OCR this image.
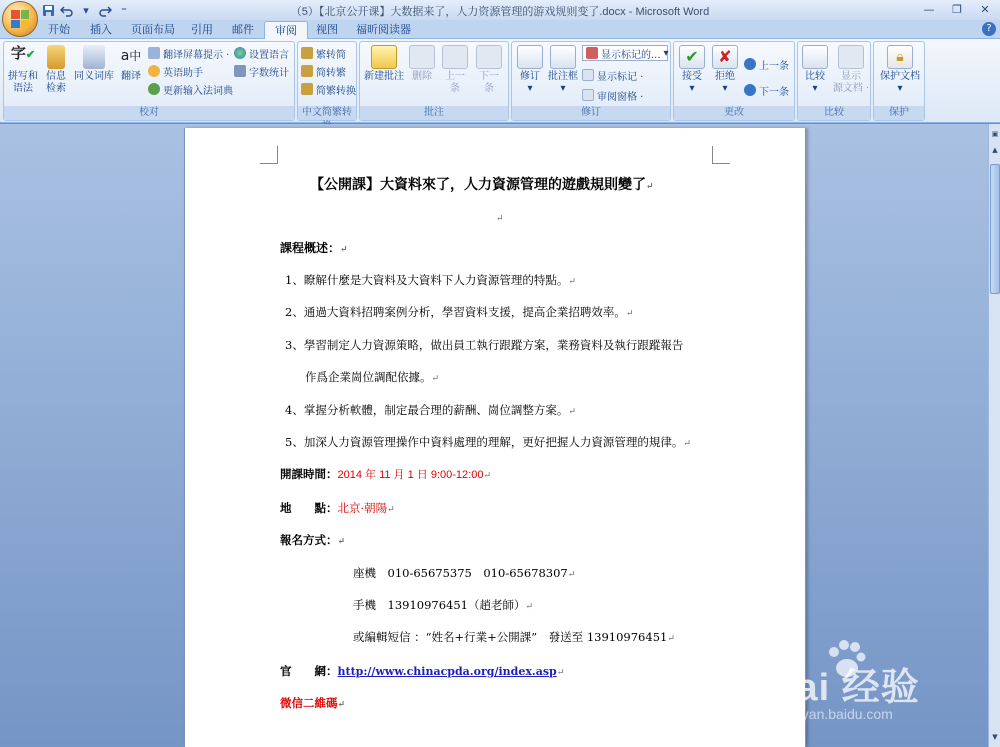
（5）【北京公开课】大数据来了，人力资源管理的游戏规则变了.docx - Microsoft Word
▾	⁼	—	❐	✕
开始	插入	页面布局	引用	邮件	审阅	视图	福昕阅读器	?
字✔
拼写和
语法
信息
检索
同义词库
a中
翻译
翻译屏幕提示 · 设置语言
英语助手	字数统计
更新输入法词典
校对
繁转简
简转繁
简繁转换
中文简繁转
新建批注 删除	上一
条
下一
条
批注
修订
▾
批注框
▾
显示标记的... ▾
显示标记 ·
审阅窗格 ·
修订
✔
接受
▾
✘
拒绝
▾
上一条
下一条
更改
比较
▾
显示
源文档 ·
比较
🔒︎
保护文档
▾
保护
【公開課】大資料來了，人力資源管理的遊戲規則變了↵
↵
課程概述：↵
1、瞭解什麼是大資料及大資料下人力資源管理的特點。↵
2、通過大資料招聘案例分析，學習資料支援，提高企業招聘效率。↵
3、學習制定人力資源策略，做出員工執行跟蹤方案，業務資料及執行跟蹤報告
作爲企業崗位調配依據。↵
4、掌握分析軟體，制定最合理的薪酬、崗位調整方案。↵
5、加深人力資源管理操作中資料處理的理解，更好把握人力資源管理的規律。↵
開課時間：2014 年 11 月 1 日 9:00-12:00↵
地　　點：北京·朝陽↵
報名方式：↵
座機　010-65675375　010-65678307↵
手機　13910976451（趙老師）↵
或編輯短信 ：“姓名+行業+公開課”　發送至 13910976451↵
官　　網：http://www.chinacpda.org/index.asp↵
微信二維碼↵
▣
▲
▼
Bai 经验
jingyan.baidu.com
